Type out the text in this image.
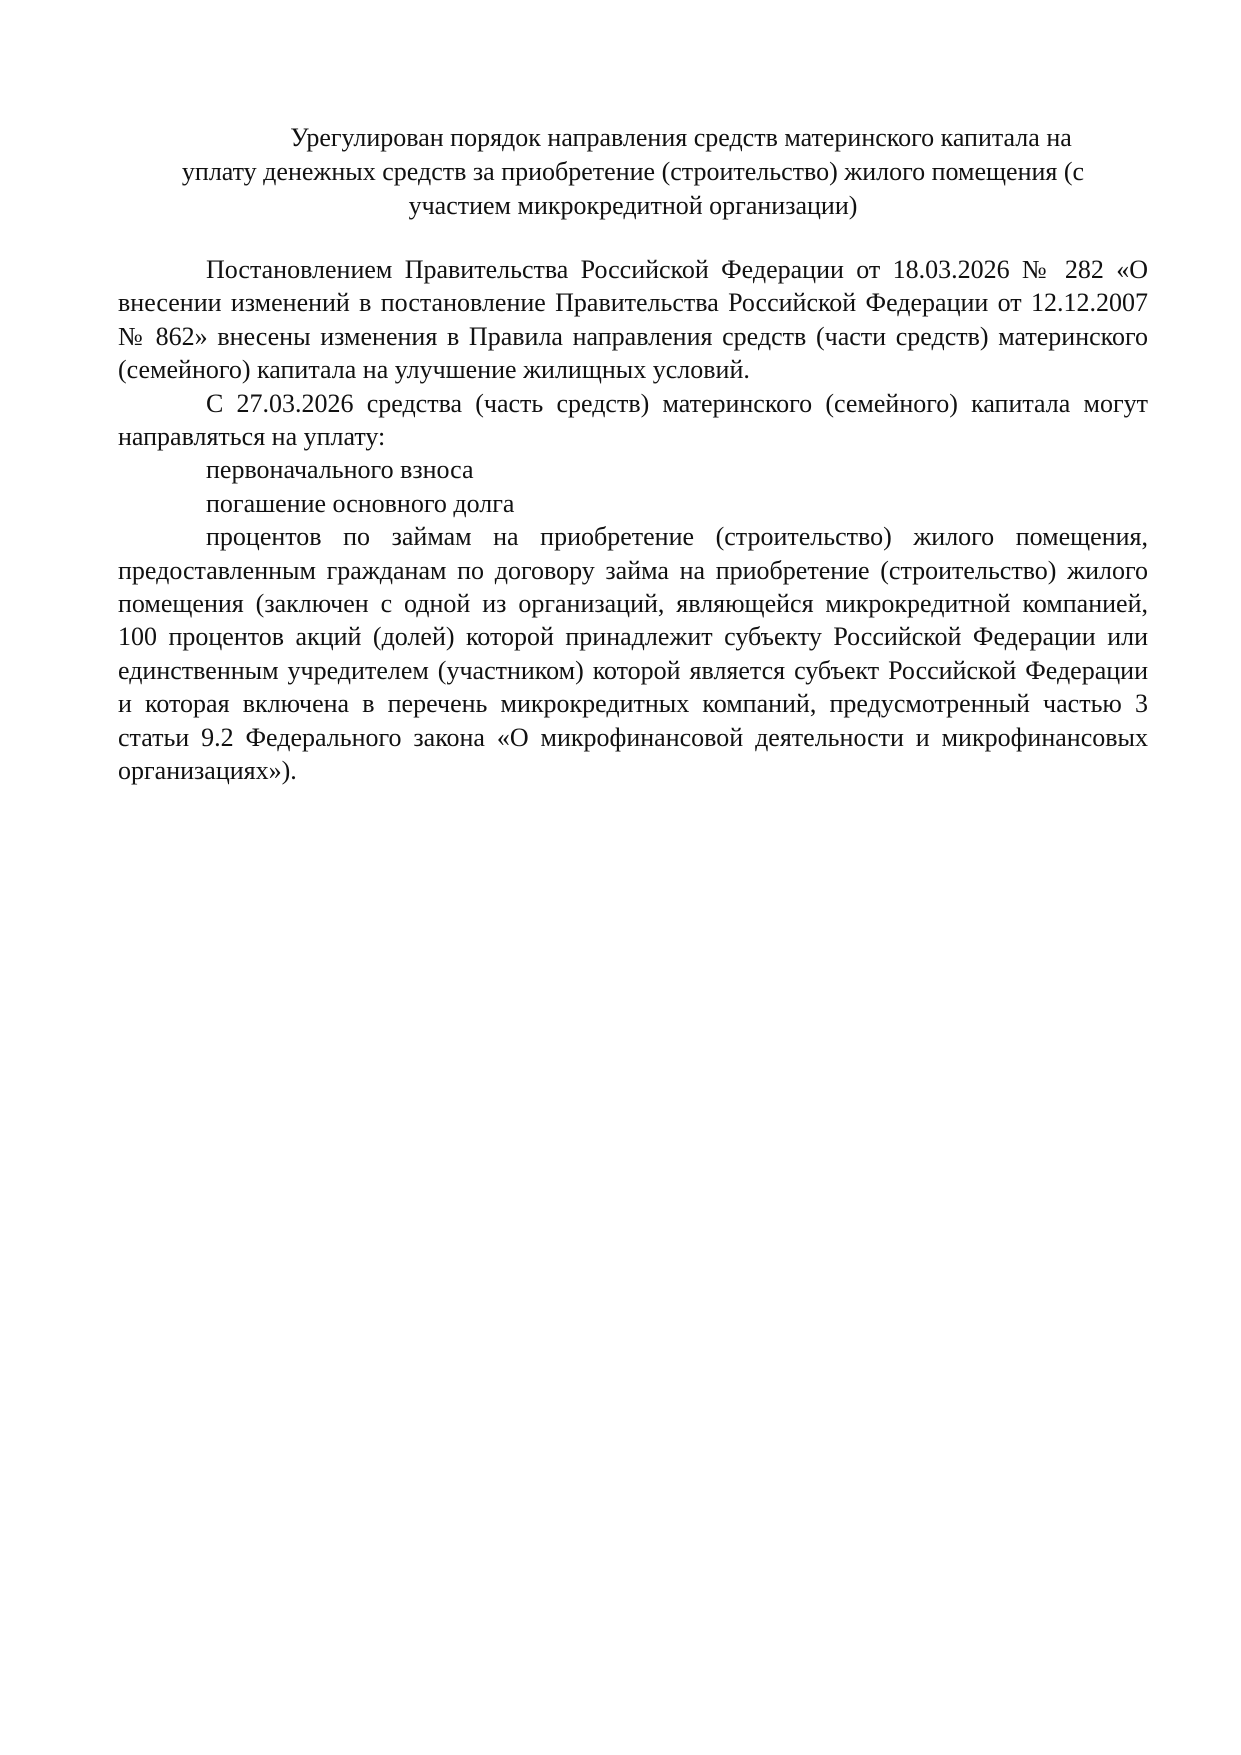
Урегулирован порядок направления средств материнского капитала на
уплату денежных средств за приобретение (строительство) жилого помещения (с
участием микрокредитной организации)

Постановлением Правительства Российской Федерации от 18.03.2026 № 282 «О внесении изменений в постановление Правительства Российской Федерации от 12.12.2007 № 862» внесены изменения в Правила направления средств (части средств) материнского (семейного) капитала на улучшение жилищных условий.

С 27.03.2026 средства (часть средств) материнского (семейного) капитала могут направляться на уплату:

первоначального взноса

погашение основного долга

процентов по займам на приобретение (строительство) жилого помещения, предоставленным гражданам по договору займа на приобретение (строительство) жилого помещения (заключен с одной из организаций, являющейся микрокредитной компанией, 100 процентов акций (долей) которой принадлежит субъекту Российской Федерации или единственным учредителем (участником) которой является субъект Российской Федерации и которая включена в перечень микрокредитных компаний, предусмотренный частью 3 статьи 9.2 Федерального закона «О микрофинансовой деятельности и микрофинансовых организациях»).
